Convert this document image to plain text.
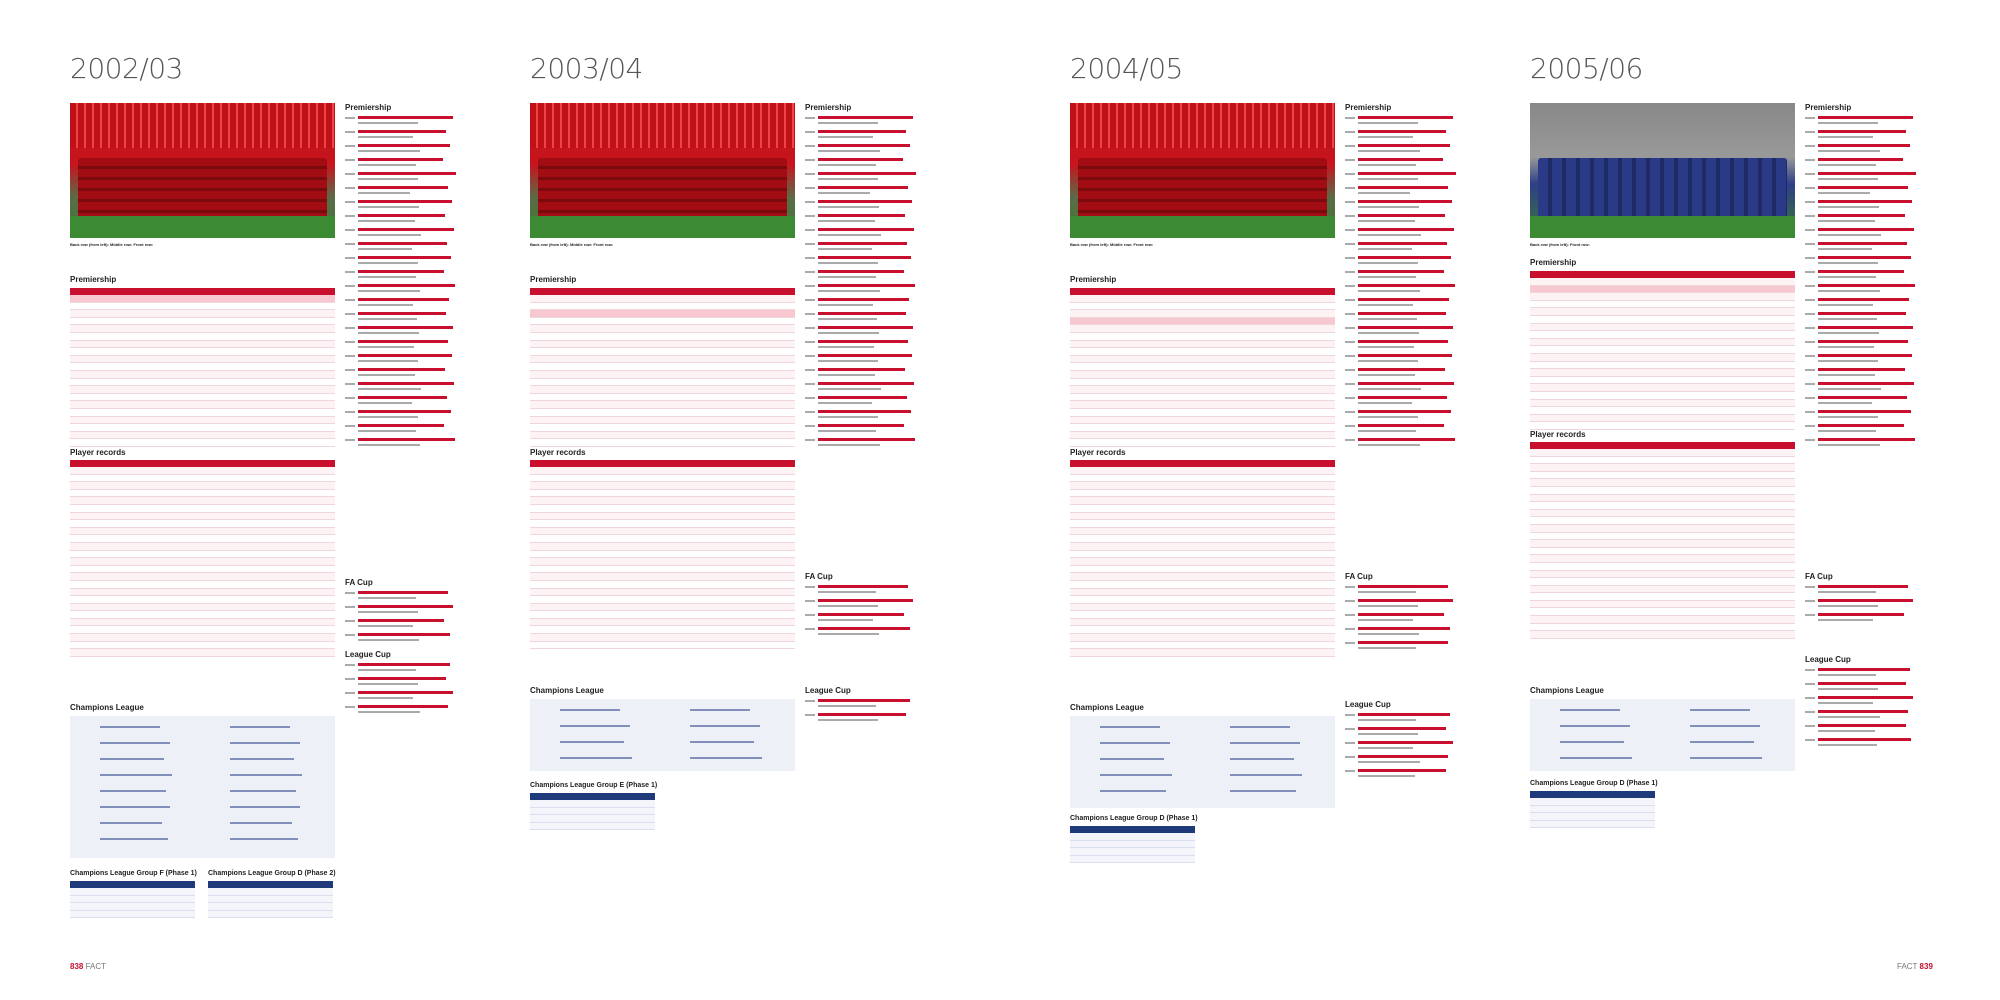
2002/03
Back row (from left): Middle row: Front row:
Premiership
Player records
Champions League
Champions League Group F (Phase 1) Champions League Group D (Phase 2)
Premiership
FA Cup
League Cup
2003/04
Back row (from left): Middle row: Front row:
Premiership
Player records
Champions League
Champions League Group E (Phase 1)
Premiership
FA Cup
League Cup
2004/05
Back row (from left): Middle row: Front row:
Premiership
Player records
Champions League
Champions League Group D (Phase 1)
Premiership
FA Cup
League Cup
2005/06
Back row (from left): Front row:
Premiership
Player records
Champions League
Champions League Group D (Phase 1)
Premiership
FA Cup
League Cup
838 FACT	FACT 839
